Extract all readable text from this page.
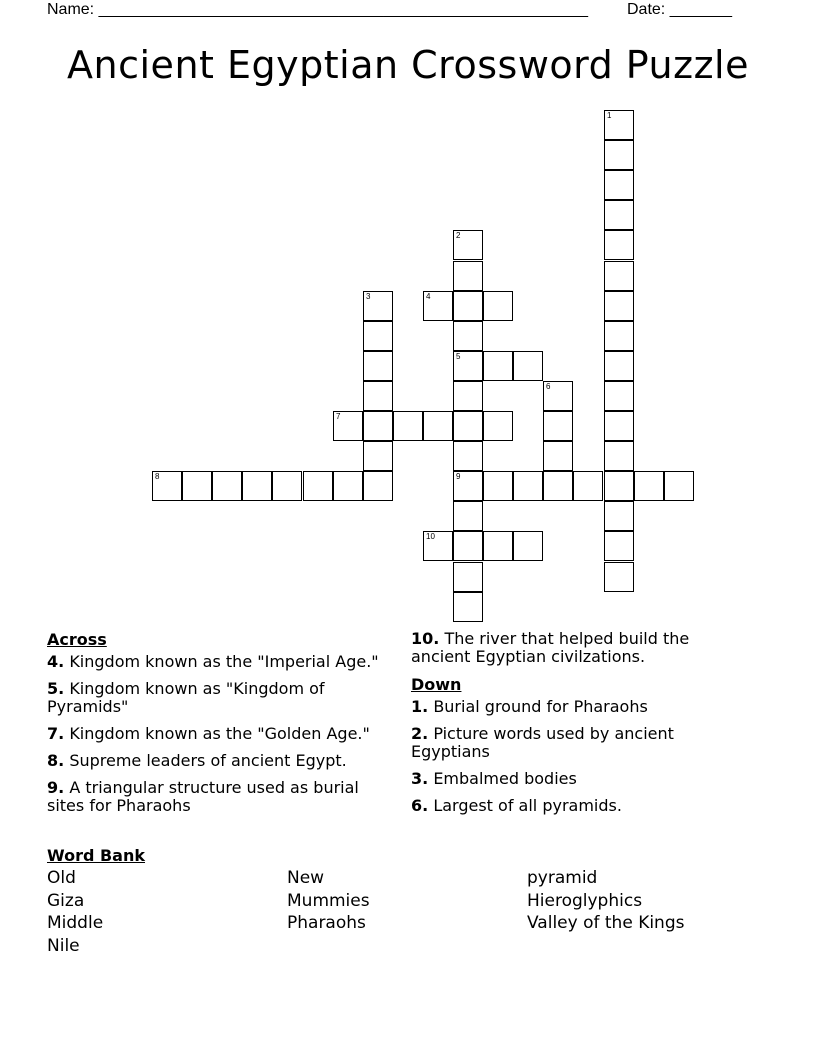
Name: _______________________________________________________ Date: _______
Ancient Egyptian Crossword Puzzle
1
2
5
9
3	4
6
7
8
10
Across
4. Kingdom known as the "Imperial Age."
5. Kingdom known as "Kingdom of Pyramids"
7. Kingdom known as the "Golden Age."
8. Supreme leaders of ancient Egypt.
9. A triangular structure used as burial sites for Pharaohs
10. The river that helped build the ancient Egyptian civilzations.
Down
1. Burial ground for Pharaohs
2. Picture words used by ancient Egyptians
3. Embalmed bodies
6. Largest of all pyramids.
Word Bank
Old	New	pyramid
Giza	Mummies	Hieroglyphics
Middle	Pharaohs	Valley of the Kings
Nile
